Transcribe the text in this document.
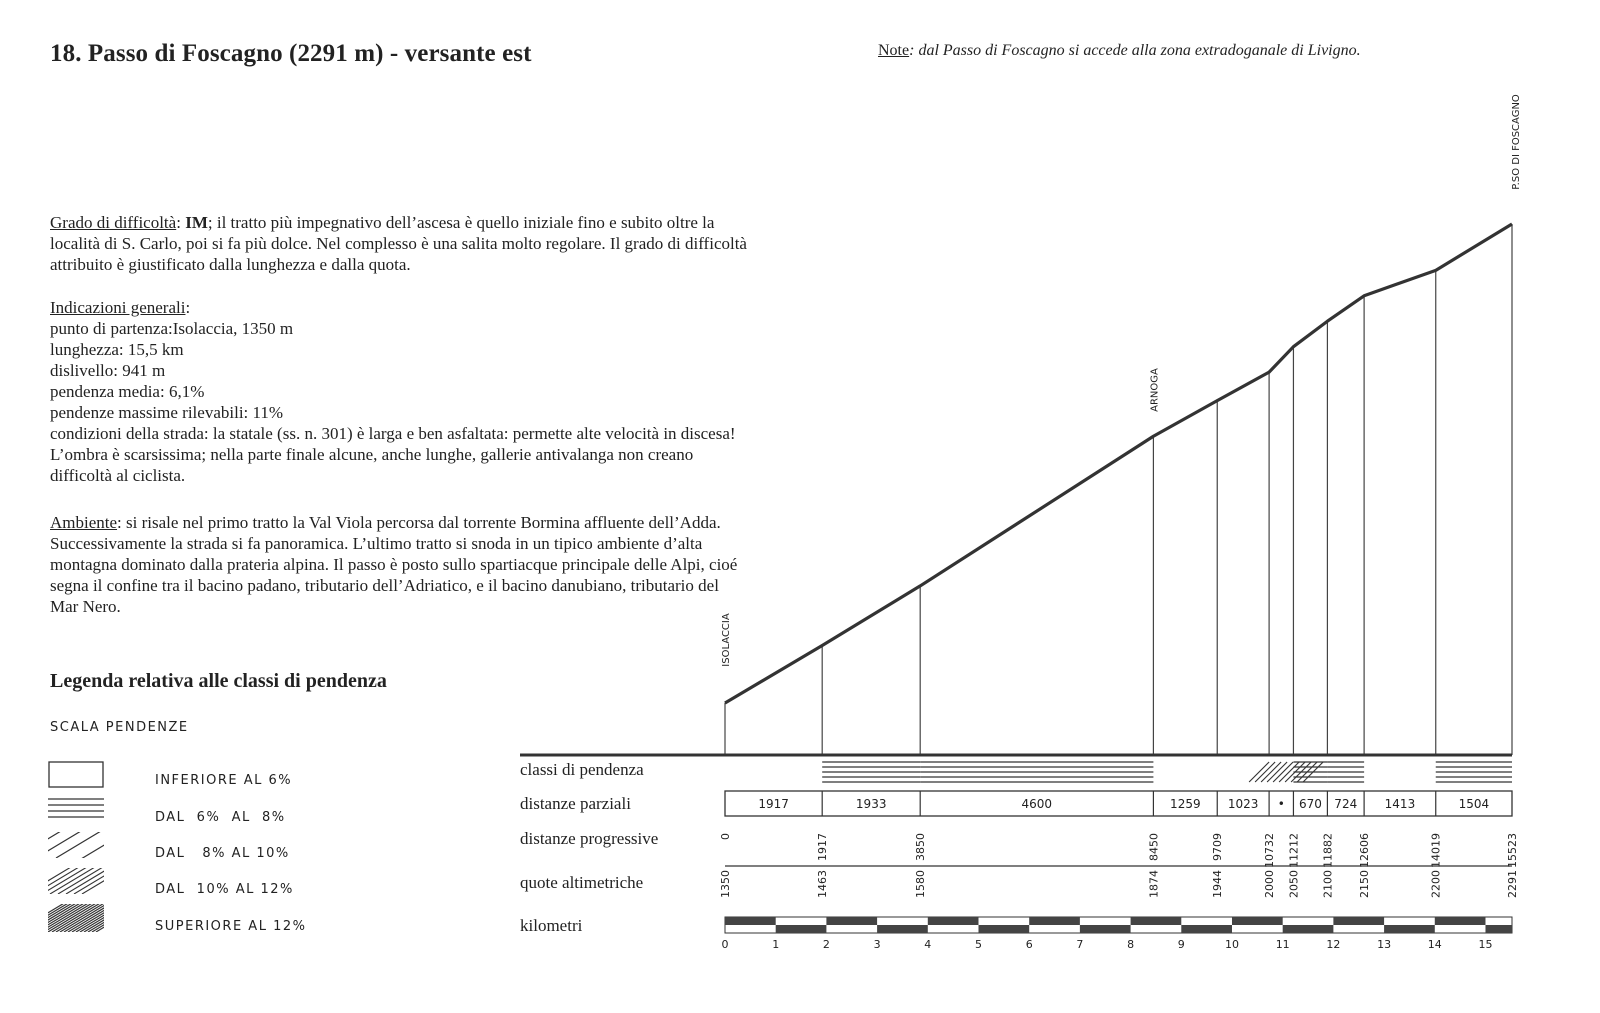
18. Passo di Foscagno (2291 m) - versante est	Note: dal Passo di Foscagno si accede alla zona extradoganale di Livigno.
Grado di difficoltà: IM; il tratto più impegnativo dell’ascesa è quello iniziale fino e subito oltre la località di S. Carlo, poi si fa più dolce. Nel complesso è una salita molto regolare. Il grado di difficoltà attribuito è giustificato dalla lunghezza e dalla quota.
Indicazioni generali:
punto di partenza:Isolaccia, 1350 m
lunghezza: 15,5 km
dislivello: 941 m
pendenza media: 6,1%
pendenze massime rilevabili: 11%
condizioni della strada: la statale (ss. n. 301) è larga e ben asfaltata: permette alte velocità in discesa! L’ombra è scarsissima; nella parte finale alcune, anche lunghe, gallerie antivalanga non creano difficoltà al ciclista.
Ambiente: si risale nel primo tratto la Val Viola percorsa dal torrente Bormina affluente dell’Adda. Successivamente la strada si fa panoramica. L’ultimo tratto si snoda in un tipico ambiente d’alta montagna dominato dalla prateria alpina. Il passo è posto sullo spartiacque principale delle Alpi, cioé segna il confine tra il bacino padano, tributario dell’Adriatico, e il bacino danubiano, tributario del Mar Nero.
Legenda relativa alle classi di pendenza
SCALA PENDENZE
INFERIORE AL 6%
DAL  6%  AL  8%
DAL   8% AL 10%
DAL  10% AL 12%
SUPERIORE AL 12%
classi di pendenza
distanze parziali
distanze progressive
quote altimetriche
kilometri
ISOLACCIA
ARNOGA
P.SO DI FOSCAGNO
1917	1933	4600	1259 1023 • 670 724 1413	1504
0	1917	3850	8450	9709	10732 11212 11882 12606	14019	15523
1350	1463	1580	1874	1944	2000 2050 2100 2150	2200	2291
0	1	2	3	4	5	6	7	8	9	10	11	12	13	14	15
